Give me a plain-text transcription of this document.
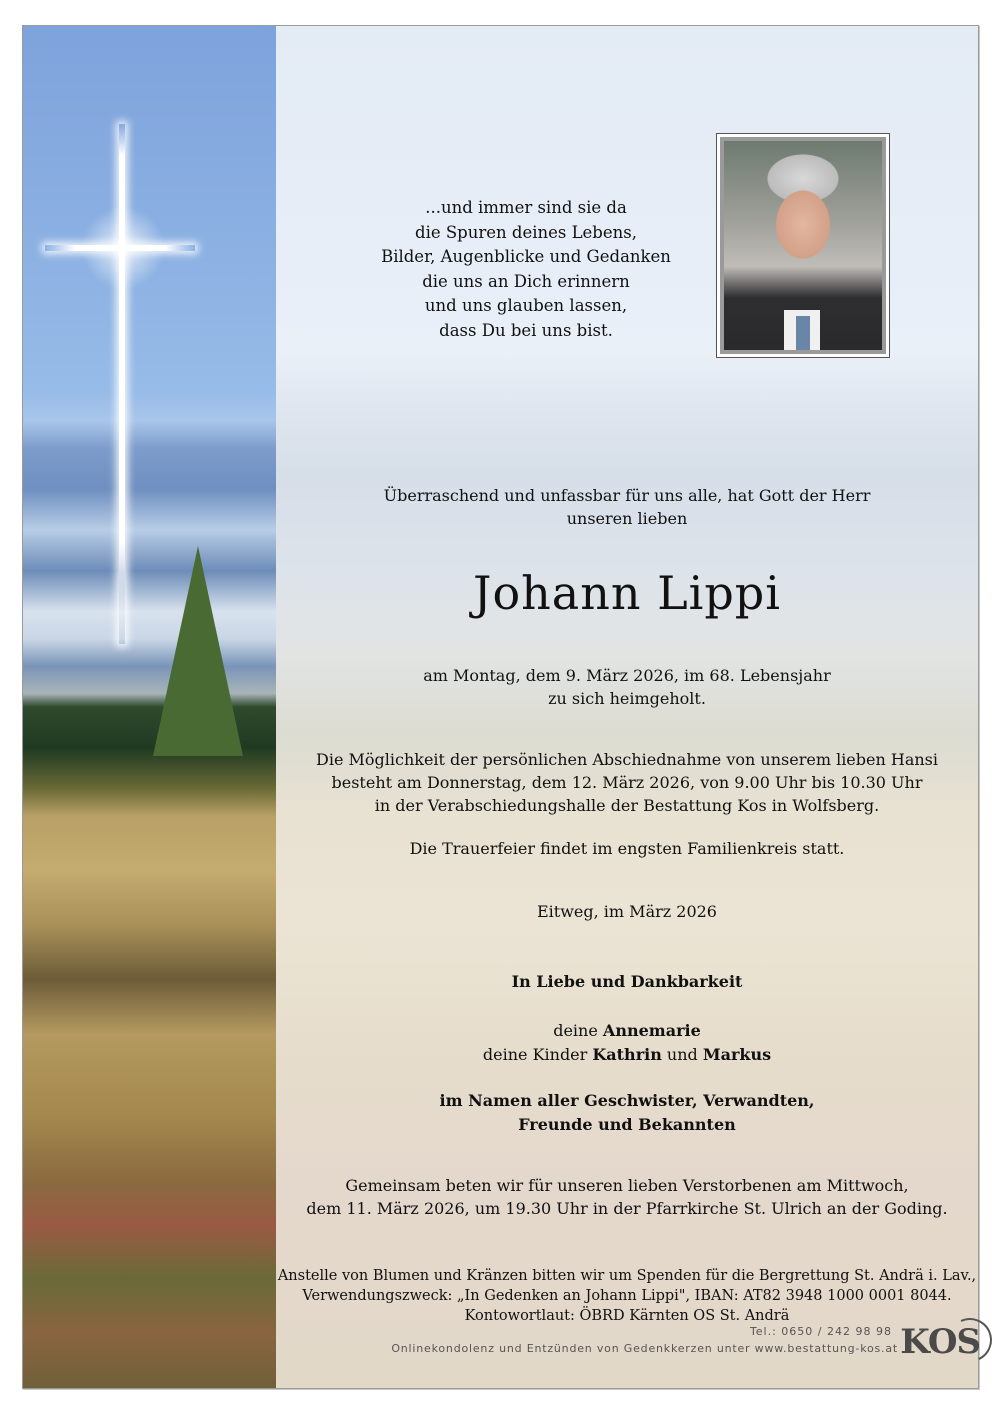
...und immer sind sie da
die Spuren deines Lebens,
Bilder, Augenblicke und Gedanken
die uns an Dich erinnern
und uns glauben lassen,
dass Du bei uns bist.
Überraschend und unfassbar für uns alle, hat Gott der Herr
unseren lieben
Johann Lippi
am Montag, dem 9. März 2026, im 68. Lebensjahr
zu sich heimgeholt.
Die Möglichkeit der persönlichen Abschiednahme von unserem lieben Hansi
besteht am Donnerstag, dem 12. März 2026, von 9.00 Uhr bis 10.30 Uhr
in der Verabschiedungshalle der Bestattung Kos in Wolfsberg.
Die Trauerfeier findet im engsten Familienkreis statt.
Eitweg, im März 2026
In Liebe und Dankbarkeit
deine Annemarie
deine Kinder Kathrin und Markus
im Namen aller Geschwister, Verwandten,
Freunde und Bekannten
Gemeinsam beten wir für unseren lieben Verstorbenen am Mittwoch,
dem 11. März 2026, um 19.30 Uhr in der Pfarrkirche St. Ulrich an der Goding.
Anstelle von Blumen und Kränzen bitten wir um Spenden für die Bergrettung St. Andrä i. Lav.,
Verwendungszweck: „In Gedenken an Johann Lippi", IBAN: AT82 3948 1000 0001 8044.
Kontowortlaut: ÖBRD Kärnten OS St. Andrä
Tel.: 0650 / 242 98 98
Onlinekondolenz und Entzünden von Gedenkkerzen unter www.bestattung-kos.at KOS
